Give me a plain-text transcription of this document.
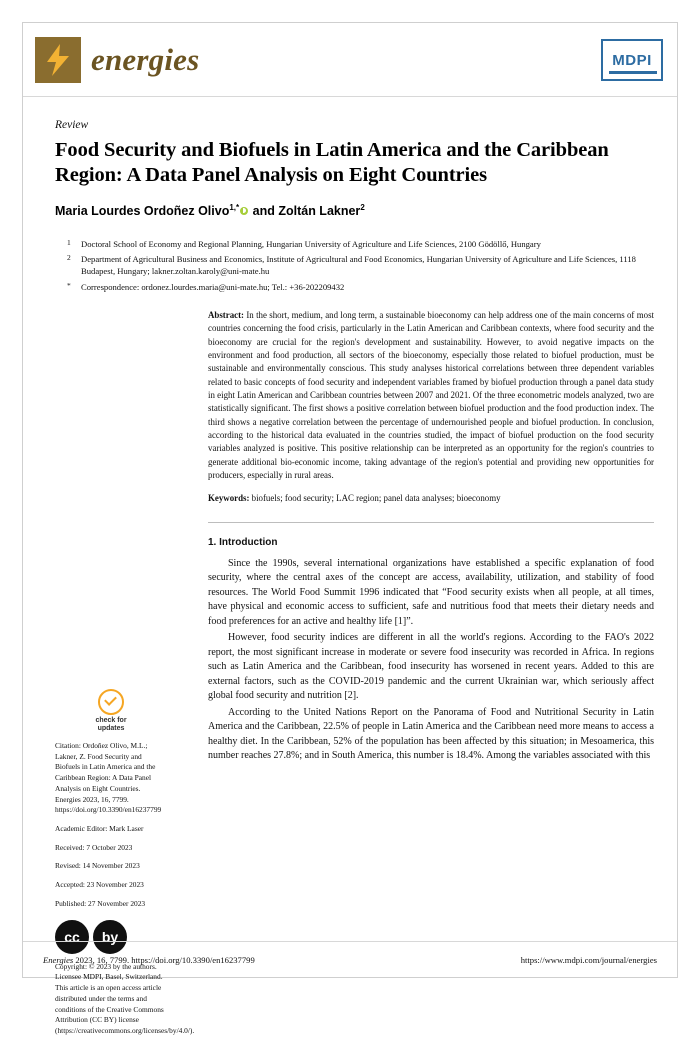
energies	MDPI
Review
Food Security and Biofuels in Latin America and the Caribbean Region: A Data Panel Analysis on Eight Countries
Maria Lourdes Ordoñez Olivo$^{1,*}$ and Zoltán Lakner$^2$
1	Doctoral School of Economy and Regional Planning, Hungarian University of Agriculture and Life Sciences, 2100 Gödöllő, Hungary
2	Department of Agricultural Business and Economics, Institute of Agricultural and Food Economics, Hungarian University of Agriculture and Life Sciences, 1118 Budapest, Hungary; lakner.zoltan.karoly@uni-mate.hu
*	Correspondence: ordonez.lourdes.maria@uni-mate.hu; Tel.: +36-202209432
check for
updates

Citation: Ordoñez Olivo, M.L.; Lakner, Z. Food Security and Biofuels in Latin America and the Caribbean Region: A Data Panel Analysis on Eight Countries. Energies 2023, 16, 7799. https://doi.org/10.3390/en16237799

Academic Editor: Mark Laser

Received: 7 October 2023

Revised: 14 November 2023

Accepted: 23 November 2023

Published: 27 November 2023

cc	by

Copyright: © 2023 by the authors. Licensee MDPI, Basel, Switzerland. This article is an open access article distributed under the terms and conditions of the Creative Commons Attribution (CC BY) license (https://creativecommons.org/licenses/by/4.0/).

Abstract: In the short, medium, and long term, a sustainable bioeconomy can help address one of the main concerns of most countries concerning the food crisis, particularly in the Latin American and Caribbean contexts, where food security and the bioeconomy are crucial for the region's development and sustainability. However, to avoid negative impacts on the environment and food production, all sectors of the bioeconomy, especially those related to biofuel production, must be sustainable and environmentally conscious. This study analyses historical correlations between three dependent variables related to basic concepts of food security and independent variables framed by biofuel production through a panel data study in eight Latin American and Caribbean countries between 2007 and 2021. Of the three econometric models analyzed, two are statistically significant. The first shows a positive correlation between biofuel production and the food production index. The third shows a negative correlation between the percentage of undernourished people and biofuel production. In conclusion, according to the historical data evaluated in the countries studied, the impact of biofuel production on the food security variables analyzed is positive. This positive relationship can be interpreted as an opportunity for the region's countries to generate additional bio-economic income, taking advantage of the region's potential and providing new opportunities for producers, especially in rural areas.

Keywords: biofuels; food security; LAC region; panel data analyses; bioeconomy

1. Introduction

Since the 1990s, several international organizations have established a specific explanation of food security, where the central axes of the concept are access, availability, utilization, and stability of food resources. The World Food Summit 1996 indicated that “Food security exists when all people, at all times, have physical and economic access to sufficient, safe and nutritious food that meets their dietary needs and food preferences for an active and healthy life [1]”.

However, food security indices are different in all the world's regions. According to the FAO's 2022 report, the most significant increase in moderate or severe food insecurity was recorded in Africa. In regions such as Latin America and the Caribbean, food insecurity has worsened in recent years. Added to this are external factors, such as the COVID-2019 pandemic and the current Ukrainian war, which seriously affect global food security and nutrition [2].

According to the United Nations Report on the Panorama of Food and Nutritional Security in Latin America and the Caribbean, 22.5% of people in Latin America and the Caribbean need more means to access a healthy diet. In the Caribbean, 52% of the population has been affected by this situation; in Mesoamerica, this number reaches 27.8%; and in South America, this number is 18.4%. Among the variables associated with this

Energies 2023, 16, 7799. https://doi.org/10.3390/en16237799	https://www.mdpi.com/journal/energies
